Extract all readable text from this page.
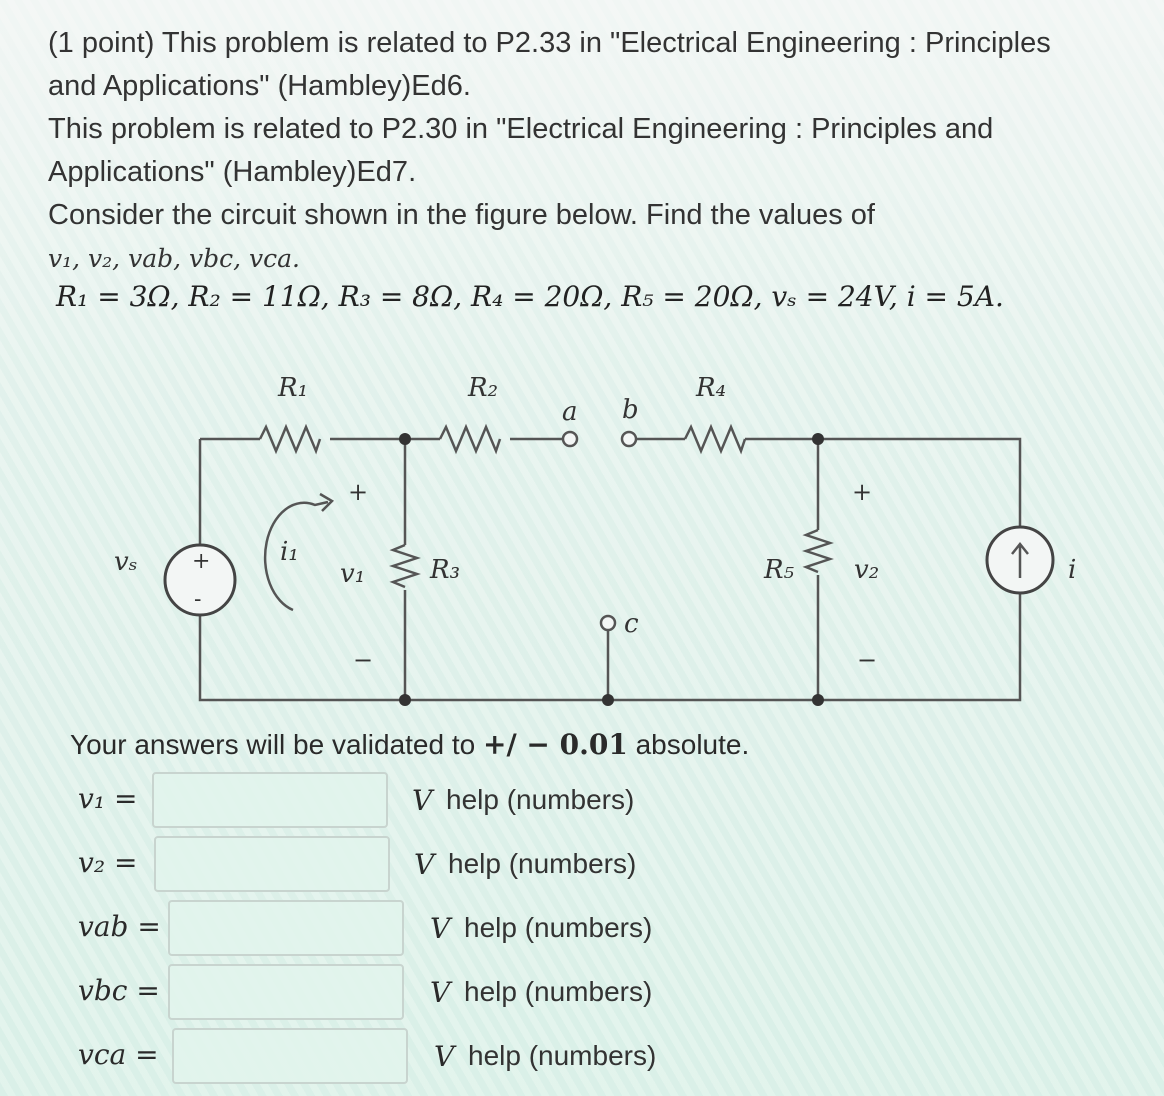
(1 point) This problem is related to P2.33 in "Electrical Engineering : Principles
and Applications" (Hambley)Ed6.
This problem is related to P2.30 in "Electrical Engineering : Principles and
Applications" (Hambley)Ed7.
Consider the circuit shown in the figure below. Find the values of
v₁, v₂, vab, vbc, vca.
R₁ = 3Ω, R₂ = 11Ω, R₃ = 8Ω, R₄ = 20Ω, R₅ = 20Ω, vₛ = 24V, i = 5A.
R₁	R₂	R₄
R₃	R₅
vₛ	i₁
v₁	v₂	i
a b
c
+
−
+
−
+
-
Your answers will be validated to +/ − 0.01 absolute.
v₁ =	V help (numbers)
v₂ =	V help (numbers)
vab =	V help (numbers)
vbc =	V help (numbers)
vca =	V help (numbers)
